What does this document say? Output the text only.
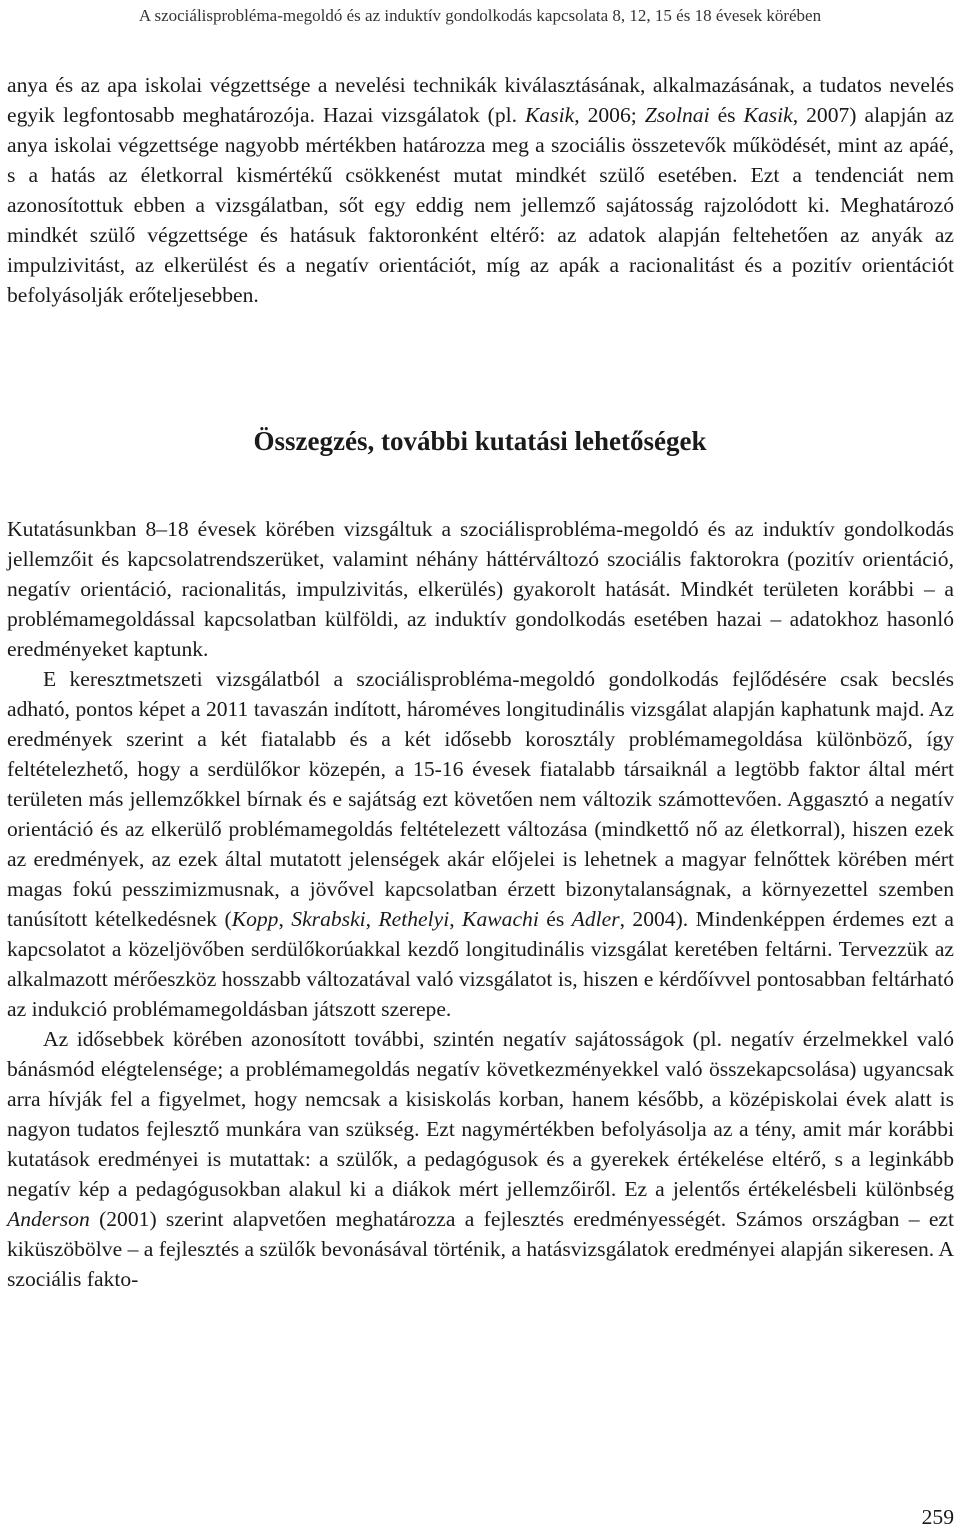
A szociálisprobléma-megoldó és az induktív gondolkodás kapcsolata 8, 12, 15 és 18 évesek körében

anya és az apa iskolai végzettsége a nevelési technikák kiválasztásának, alkalmazásának, a tudatos nevelés egyik legfontosabb meghatározója. Hazai vizsgálatok (pl. Kasik, 2006; Zsolnai és Kasik, 2007) alapján az anya iskolai végzettsége nagyobb mértékben határozza meg a szociális összetevők működését, mint az apáé, s a hatás az életkorral kismértékű csökkenést mutat mindkét szülő esetében. Ezt a tendenciát nem azonosítottuk ebben a vizsgálatban, sőt egy eddig nem jellemző sajátosság rajzolódott ki. Meghatározó mindkét szülő végzettsége és hatásuk faktoronként eltérő: az adatok alapján feltehetően az anyák az impulzivitást, az elkerülést és a negatív orientációt, míg az apák a racionalitást és a pozitív orientációt befolyásolják erőteljesebben.

Összegzés, további kutatási lehetőségek

Kutatásunkban 8–18 évesek körében vizsgáltuk a szociálisprobléma-megoldó és az induktív gondolkodás jellemzőit és kapcsolatrendszerüket, valamint néhány háttérváltozó szociális faktorokra (pozitív orientáció, negatív orientáció, racionalitás, impulzivitás, elkerülés) gyakorolt hatását. Mindkét területen korábbi – a problémamegoldással kapcsolatban külföldi, az induktív gondolkodás esetében hazai – adatokhoz hasonló eredményeket kaptunk.

E keresztmetszeti vizsgálatból a szociálisprobléma-megoldó gondolkodás fejlődésére csak becslés adható, pontos képet a 2011 tavaszán indított, hároméves longitudinális vizsgálat alapján kaphatunk majd. Az eredmények szerint a két fiatalabb és a két idősebb korosztály problémamegoldása különböző, így feltételezhető, hogy a serdülőkor közepén, a 15-16 évesek fiatalabb társaiknál a legtöbb faktor által mért területen más jellemzőkkel bírnak és e sajátság ezt követően nem változik számottevően. Aggasztó a negatív orientáció és az elkerülő problémamegoldás feltételezett változása (mindkettő nő az életkorral), hiszen ezek az eredmények, az ezek által mutatott jelenségek akár előjelei is lehetnek a magyar felnőttek körében mért magas fokú pesszimizmusnak, a jövővel kapcsolatban érzett bizonytalanságnak, a környezettel szemben tanúsított kételkedésnek (Kopp, Skrabski, Rethelyi, Kawachi és Adler, 2004). Mindenképpen érdemes ezt a kapcsolatot a közeljövőben serdülőkorúakkal kezdő longitudinális vizsgálat keretében feltárni. Tervezzük az alkalmazott mérőeszköz hosszabb változatával való vizsgálatot is, hiszen e kérdőívvel pontosabban feltárható az indukció problémamegoldásban játszott szerepe.

Az idősebbek körében azonosított további, szintén negatív sajátosságok (pl. negatív érzelmekkel való bánásmód elégtelensége; a problémamegoldás negatív következményekkel való összekapcsolása) ugyancsak arra hívják fel a figyelmet, hogy nemcsak a kisiskolás korban, hanem később, a középiskolai évek alatt is nagyon tudatos fejlesztő munkára van szükség. Ezt nagymértékben befolyásolja az a tény, amit már korábbi kutatások eredményei is mutattak: a szülők, a pedagógusok és a gyerekek értékelése eltérő, s a leginkább negatív kép a pedagógusokban alakul ki a diákok mért jellemzőiről. Ez a jelentős értékelésbeli különbség Anderson (2001) szerint alapvetően meghatározza a fejlesztés eredményességét. Számos országban – ezt kiküszöbölve – a fejlesztés a szülők bevonásával történik, a hatásvizsgálatok eredményei alapján sikeresen. A szociális fakto-

259
